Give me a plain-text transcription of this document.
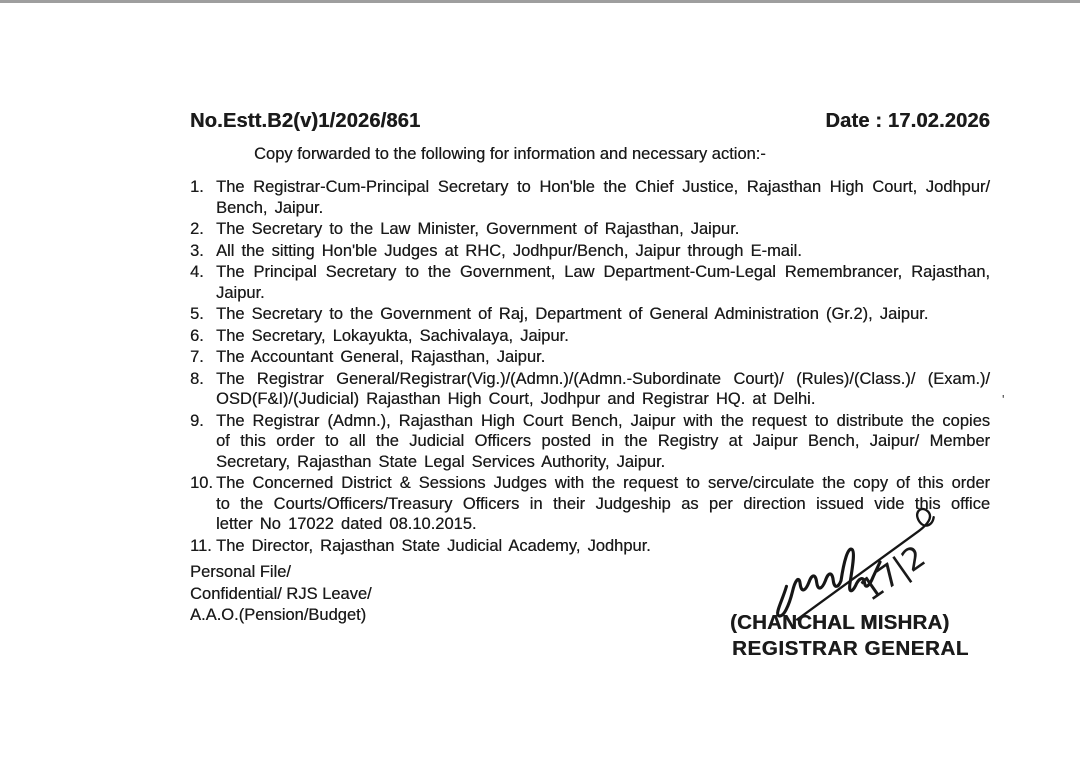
No.Estt.B2(v)1/2026/861	Date : 17.02.2026

Copy forwarded to the following for information and necessary action:-

1. The Registrar-Cum-Principal Secretary to Hon'ble the Chief Justice, Rajasthan High Court, Jodhpur/ Bench, Jaipur.
2. The Secretary to the Law Minister, Government of Rajasthan, Jaipur.
3. All the sitting Hon'ble Judges at RHC, Jodhpur/Bench, Jaipur through E-mail.
4. The Principal Secretary to the Government, Law Department-Cum-Legal Remembrancer, Rajasthan, Jaipur.
5. The Secretary to the Government of Raj, Department of General Administration (Gr.2), Jaipur.
6. The Secretary, Lokayukta, Sachivalaya, Jaipur.
7. The Accountant General, Rajasthan, Jaipur.
8. The Registrar General/Registrar(Vig.)/(Admn.)/(Admn.-Subordinate Court)/ (Rules)/(Class.)/ (Exam.)/ OSD(F&I)/(Judicial) Rajasthan High Court, Jodhpur and Registrar HQ. at Delhi.
9. The Registrar (Admn.), Rajasthan High Court Bench, Jaipur with the request to distribute the copies of this order to all the Judicial Officers posted in the Registry at Jaipur Bench, Jaipur/ Member Secretary, Rajasthan State Legal Services Authority, Jaipur.
10. The Concerned District & Sessions Judges with the request to serve/circulate the copy of this order to the Courts/Officers/Treasury Officers in their Judgeship as per direction issued vide this office letter No 17022 dated 08.10.2015.
11. The Director, Rajasthan State Judicial Academy, Jodhpur.
Personal File/
Confidential/ RJS Leave/
A.A.O.(Pension/Budget)
17|2
(CHANCHAL MISHRA)
REGISTRAR GENERAL
'
